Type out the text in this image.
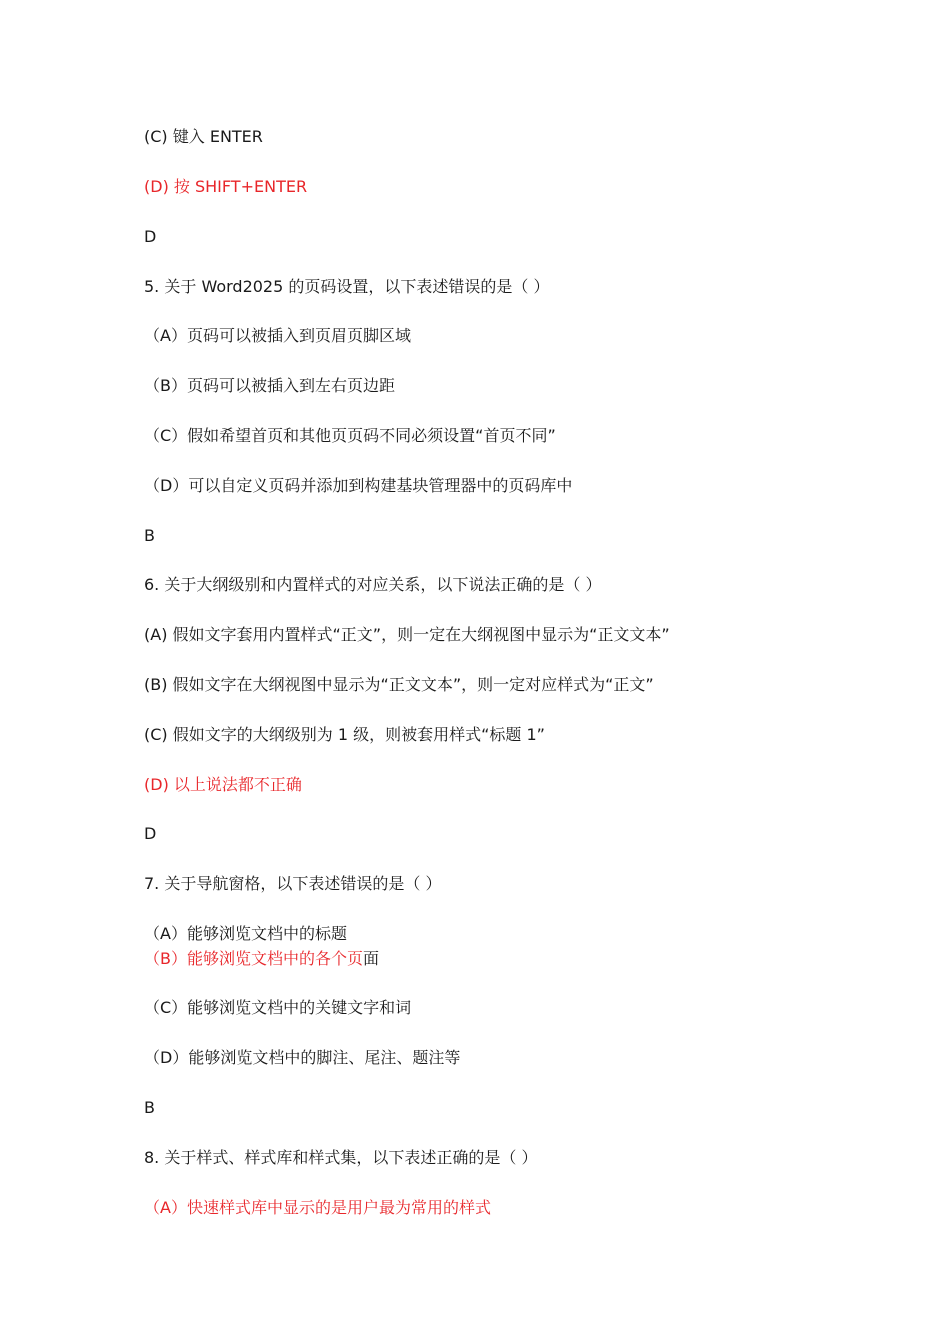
(C) 键入 ENTER
(D) 按 SHIFT+ENTER
D
5. 关于 Word2025 的页码设置，以下表述错误的是（ ）
（A）页码可以被插入到页眉页脚区域
（B）页码可以被插入到左右页边距
（C）假如希望首页和其他页页码不同必须设置“首页不同”
（D）可以自定义页码并添加到构建基块管理器中的页码库中
B
6. 关于大纲级别和内置样式的对应关系，以下说法正确的是（ ）
(A) 假如文字套用内置样式“正文”，则一定在大纲视图中显示为“正文文本”
(B) 假如文字在大纲视图中显示为“正文文本”，则一定对应样式为“正文”
(C) 假如文字的大纲级别为 1 级，则被套用样式“标题 1”
(D) 以上说法都不正确
D
7. 关于导航窗格，以下表述错误的是（ ）
（A）能够浏览文档中的标题
（B）能够浏览文档中的各个页面
（C）能够浏览文档中的关键文字和词
（D）能够浏览文档中的脚注、尾注、题注等
B
8. 关于样式、样式库和样式集，以下表述正确的是（ ）
（A）快速样式库中显示的是用户最为常用的样式
